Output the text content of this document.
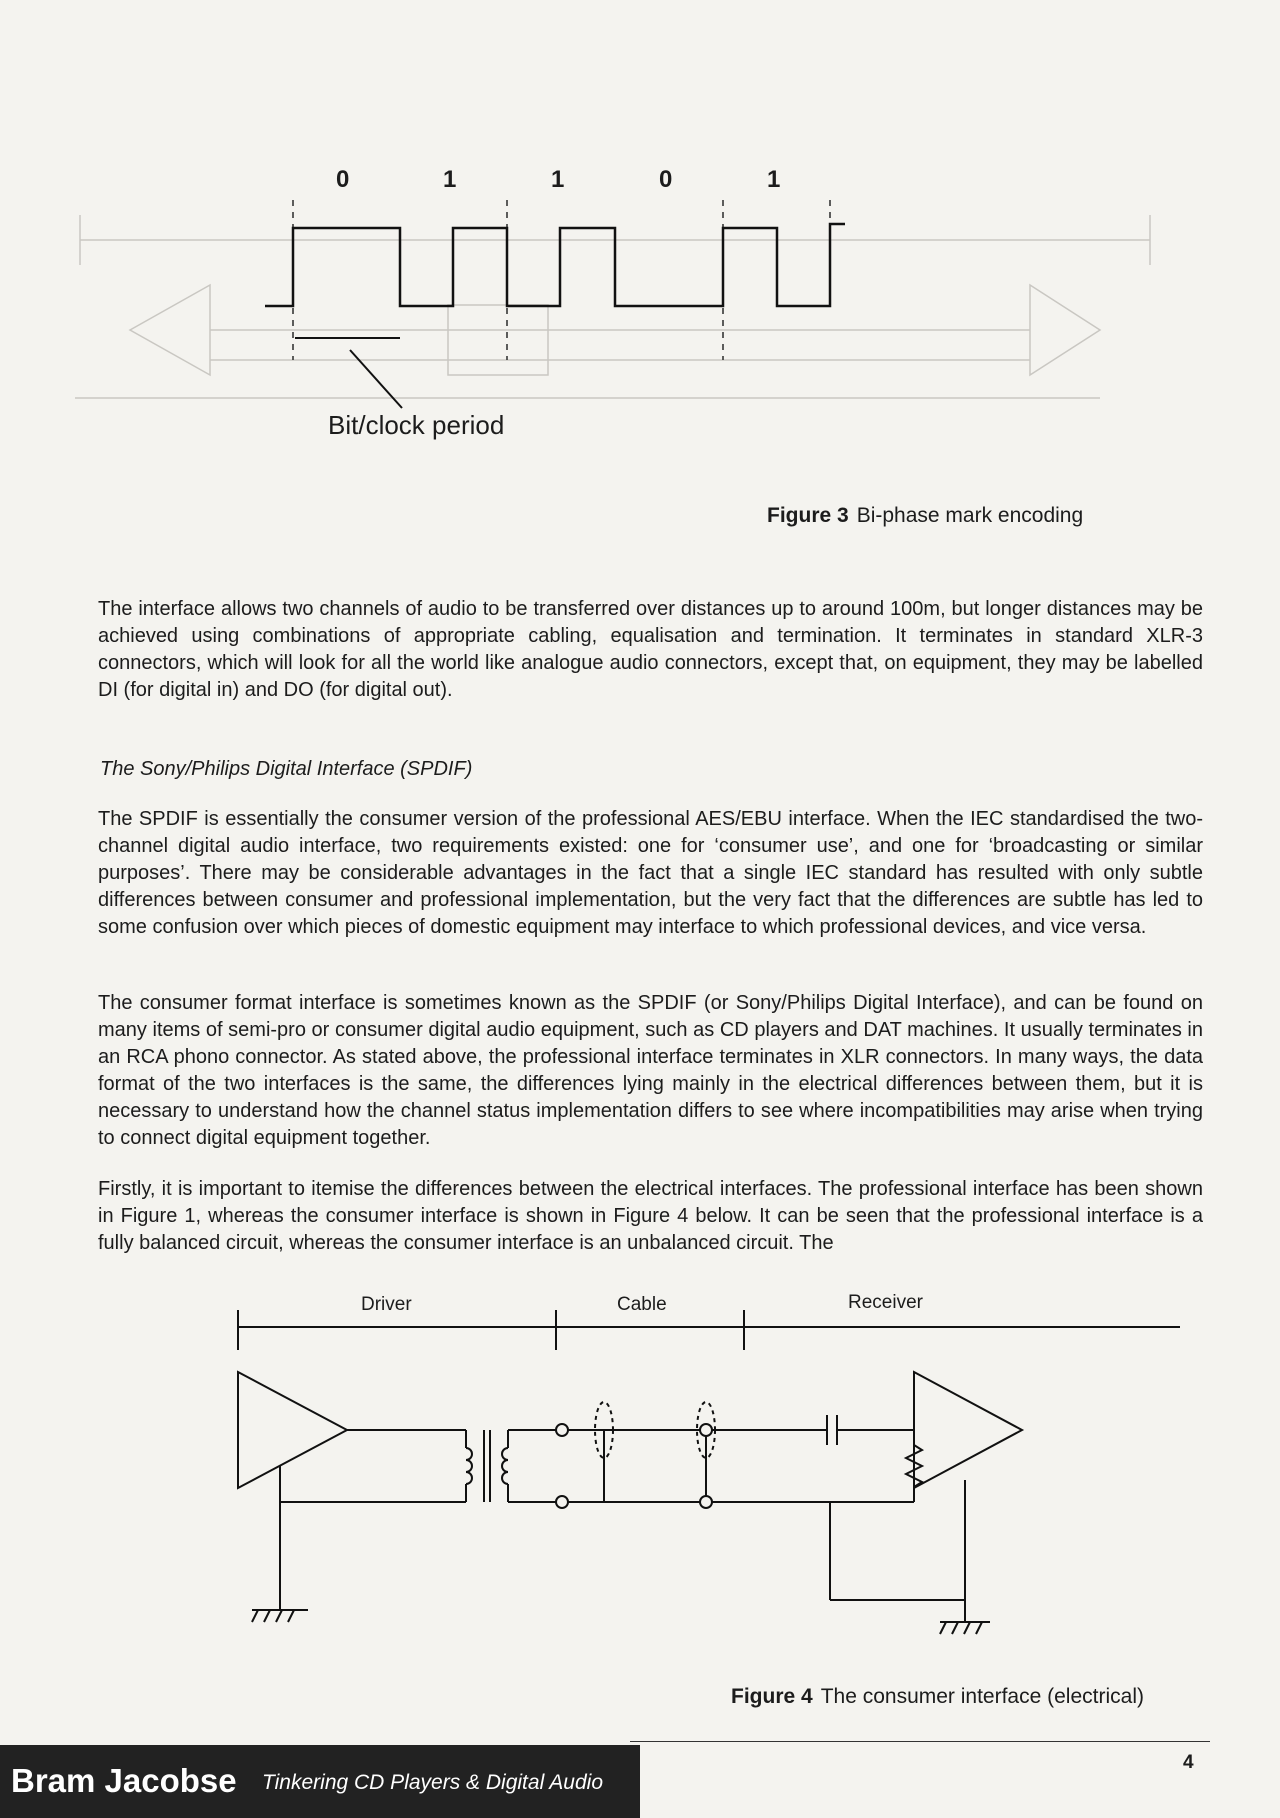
0	1	1	0	1
Bit/clock period
Figure 3 Bi-phase mark encoding

The interface allows two channels of audio to be transferred over distances up to around 100m, but longer distances may be achieved using combinations of appropriate cabling, equalisation and termination. It terminates in standard XLR-3 connectors, which will look for all the world like analogue audio connectors, except that, on equipment, they may be labelled DI (for digital in) and DO (for digital out).

The Sony/Philips Digital Interface (SPDIF)

The SPDIF is essentially the consumer version of the professional AES/EBU interface. When the IEC standardised the two-channel digital audio interface, two requirements existed: one for ‘consumer use’, and one for ‘broadcasting or similar purposes’. There may be considerable advantages in the fact that a single IEC standard has resulted with only subtle differences between consumer and professional implementation, but the very fact that the differences are subtle has led to some confusion over which pieces of domestic equipment may interface to which professional devices, and vice versa.

The consumer format interface is sometimes known as the SPDIF (or Sony/Philips Digital Interface), and can be found on many items of semi-pro or consumer digital audio equipment, such as CD players and DAT machines. It usually terminates in an RCA phono connector. As stated above, the professional interface terminates in XLR connectors. In many ways, the data format of the two interfaces is the same, the differences lying mainly in the electrical differences between them, but it is necessary to understand how the channel status implementation differs to see where incompatibilities may arise when trying to connect digital equipment together.

Firstly, it is important to itemise the differences between the electrical interfaces. The professional interface has been shown in Figure 1, whereas the consumer interface is shown in Figure 4 below. It can be seen that the professional interface is a fully balanced circuit, whereas the consumer interface is an unbalanced circuit. The

Driver	Cable	Receiver
Figure 4 The consumer interface (electrical)
4
Bram Jacobse Tinkering CD Players & Digital Audio
